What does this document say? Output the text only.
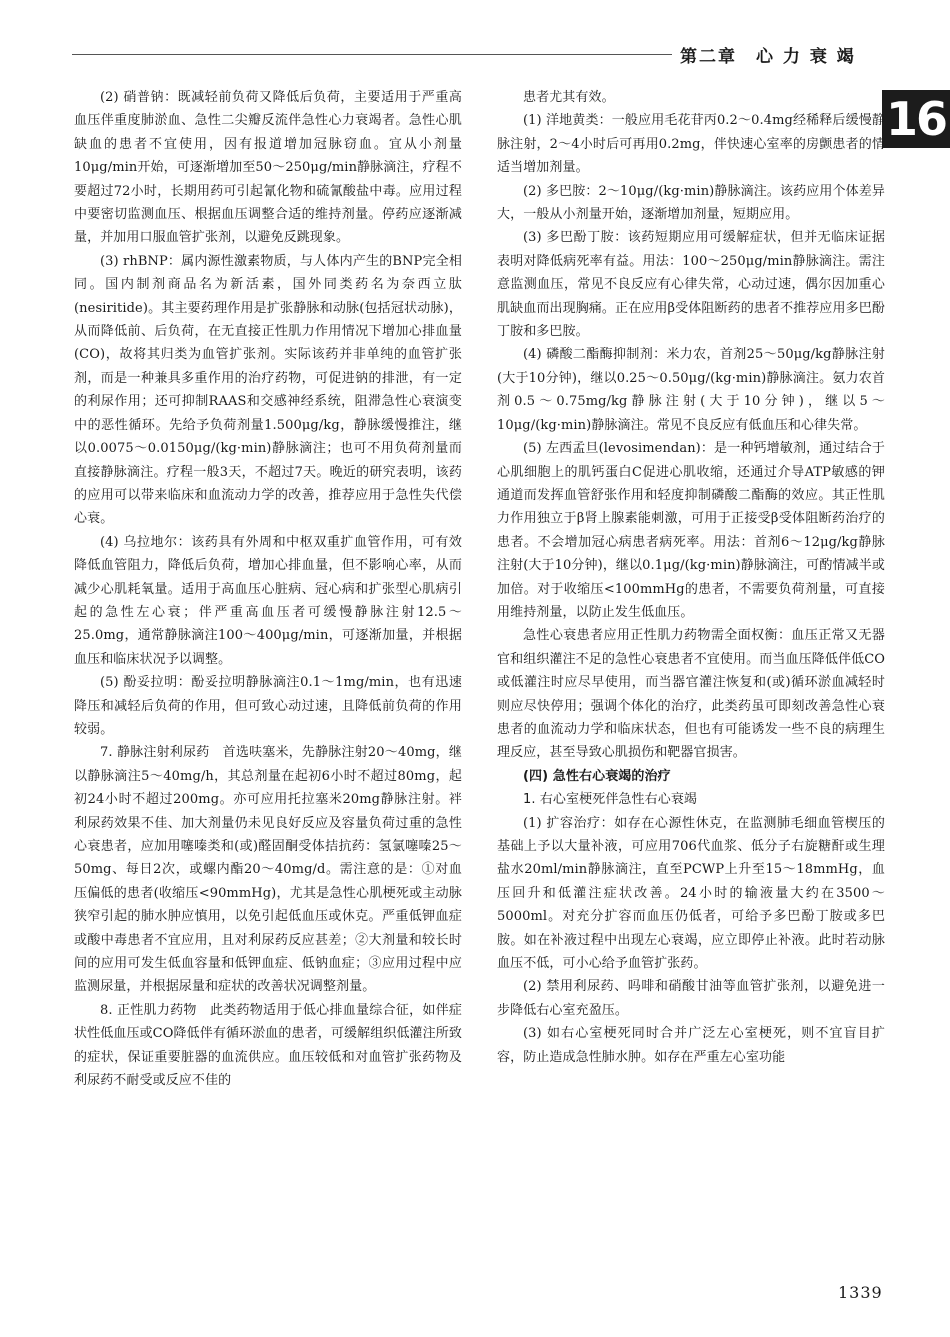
第二章　心 力 衰 竭
16

(2) 硝普钠：既减轻前负荷又降低后负荷，主要适用于严重高血压伴重度肺淤血、急性二尖瓣反流伴急性心力衰竭者。急性心肌缺血的患者不宜使用，因有报道增加冠脉窃血。宜从小剂量10μg/min开始，可逐渐增加至50～250μg/min静脉滴注，疗程不要超过72小时，长期用药可引起氰化物和硫氰酸盐中毒。应用过程中要密切监测血压、根据血压调整合适的维持剂量。停药应逐渐减量，并加用口服血管扩张剂，以避免反跳现象。

(3) rhBNP：属内源性激素物质，与人体内产生的BNP完全相同。国内制剂商品名为新活素，国外同类药名为奈西立肽(nesiritide)。其主要药理作用是扩张静脉和动脉(包括冠状动脉)，从而降低前、后负荷，在无直接正性肌力作用情况下增加心排血量(CO)，故将其归类为血管扩张剂。实际该药并非单纯的血管扩张剂，而是一种兼具多重作用的治疗药物，可促进钠的排泄，有一定的利尿作用；还可抑制RAAS和交感神经系统，阻滞急性心衰演变中的恶性循环。先给予负荷剂量1.500μg/kg，静脉缓慢推注，继以0.0075～0.0150μg/(kg·min)静脉滴注；也可不用负荷剂量而直接静脉滴注。疗程一般3天，不超过7天。晚近的研究表明，该药的应用可以带来临床和血流动力学的改善，推荐应用于急性失代偿心衰。

(4) 乌拉地尔：该药具有外周和中枢双重扩血管作用，可有效降低血管阻力，降低后负荷，增加心排血量，但不影响心率，从而减少心肌耗氧量。适用于高血压心脏病、冠心病和扩张型心肌病引起的急性左心衰；伴严重高血压者可缓慢静脉注射12.5～25.0mg，通常静脉滴注100～400μg/min，可逐渐加量，并根据血压和临床状况予以调整。

(5) 酚妥拉明：酚妥拉明静脉滴注0.1～1mg/min，也有迅速降压和减轻后负荷的作用，但可致心动过速，且降低前负荷的作用较弱。

7. 静脉注射利尿药　首选呋塞米，先静脉注射20～40mg，继以静脉滴注5～40mg/h，其总剂量在起初6小时不超过80mg，起初24小时不超过200mg。亦可应用托拉塞米20mg静脉注射。袢利尿药效果不佳、加大剂量仍未见良好反应及容量负荷过重的急性心衰患者，应加用噻嗪类和(或)醛固酮受体拮抗药：氢氯噻嗪25～50mg、每日2次，或螺内酯20～40mg/d。需注意的是：①对血压偏低的患者(收缩压<90mmHg)，尤其是急性心肌梗死或主动脉狭窄引起的肺水肿应慎用，以免引起低血压或休克。严重低钾血症或酸中毒患者不宜应用，且对利尿药反应甚差；②大剂量和较长时间的应用可发生低血容量和低钾血症、低钠血症；③应用过程中应监测尿量，并根据尿量和症状的改善状况调整剂量。

8. 正性肌力药物　此类药物适用于低心排血量综合征，如伴症状性低血压或CO降低伴有循环淤血的患者，可缓解组织低灌注所致的症状，保证重要脏器的血流供应。血压较低和对血管扩张药物及利尿药不耐受或反应不佳的

患者尤其有效。

(1) 洋地黄类：一般应用毛花苷丙0.2～0.4mg经稀释后缓慢静脉注射，2～4小时后可再用0.2mg，伴快速心室率的房颤患者的情适当增加剂量。

(2) 多巴胺：2～10μg/(kg·min)静脉滴注。该药应用个体差异大，一般从小剂量开始，逐渐增加剂量，短期应用。

(3) 多巴酚丁胺：该药短期应用可缓解症状，但并无临床证据表明对降低病死率有益。用法：100～250μg/min静脉滴注。需注意监测血压，常见不良反应有心律失常，心动过速，偶尔因加重心肌缺血而出现胸痛。正在应用β受体阻断药的患者不推荐应用多巴酚丁胺和多巴胺。

(4) 磷酸二酯酶抑制剂：米力农，首剂25～50μg/kg静脉注射(大于10分钟)，继以0.25～0.50μg/(kg·min)静脉滴注。氨力农首剂0.5～0.75mg/kg静脉注射(大于10分钟)，继以5～10μg/(kg·min)静脉滴注。常见不良反应有低血压和心律失常。

(5) 左西孟旦(levosimendan)：是一种钙增敏剂，通过结合于心肌细胞上的肌钙蛋白C促进心肌收缩，还通过介导ATP敏感的钾通道而发挥血管舒张作用和轻度抑制磷酸二酯酶的效应。其正性肌力作用独立于β肾上腺素能刺激，可用于正接受β受体阻断药治疗的患者。不会增加冠心病患者病死率。用法：首剂6～12μg/kg静脉注射(大于10分钟)，继以0.1μg/(kg·min)静脉滴注，可酌情减半或加倍。对于收缩压<100mmHg的患者，不需要负荷剂量，可直接用维持剂量，以防止发生低血压。

急性心衰患者应用正性肌力药物需全面权衡：血压正常又无器官和组织灌注不足的急性心衰患者不宜使用。而当血压降低伴低CO或低灌注时应尽早使用，而当器官灌注恢复和(或)循环淤血减轻时则应尽快停用；强调个体化的治疗，此类药虽可即刻改善急性心衰患者的血流动力学和临床状态，但也有可能诱发一些不良的病理生理反应，甚至导致心肌损伤和靶器官损害。

(四) 急性右心衰竭的治疗

1. 右心室梗死伴急性右心衰竭

(1) 扩容治疗：如存在心源性休克，在监测肺毛细血管楔压的基础上予以大量补液，可应用706代血浆、低分子右旋糖酐或生理盐水20ml/min静脉滴注，直至PCWP上升至15～18mmHg，血压回升和低灌注症状改善。24小时的输液量大约在3500～5000ml。对充分扩容而血压仍低者，可给予多巴酚丁胺或多巴胺。如在补液过程中出现左心衰竭，应立即停止补液。此时若动脉血压不低，可小心给予血管扩张药。

(2) 禁用利尿药、吗啡和硝酸甘油等血管扩张剂，以避免进一步降低右心室充盈压。

(3) 如右心室梗死同时合并广泛左心室梗死，则不宜盲目扩容，防止造成急性肺水肿。如存在严重左心室功能

1339
